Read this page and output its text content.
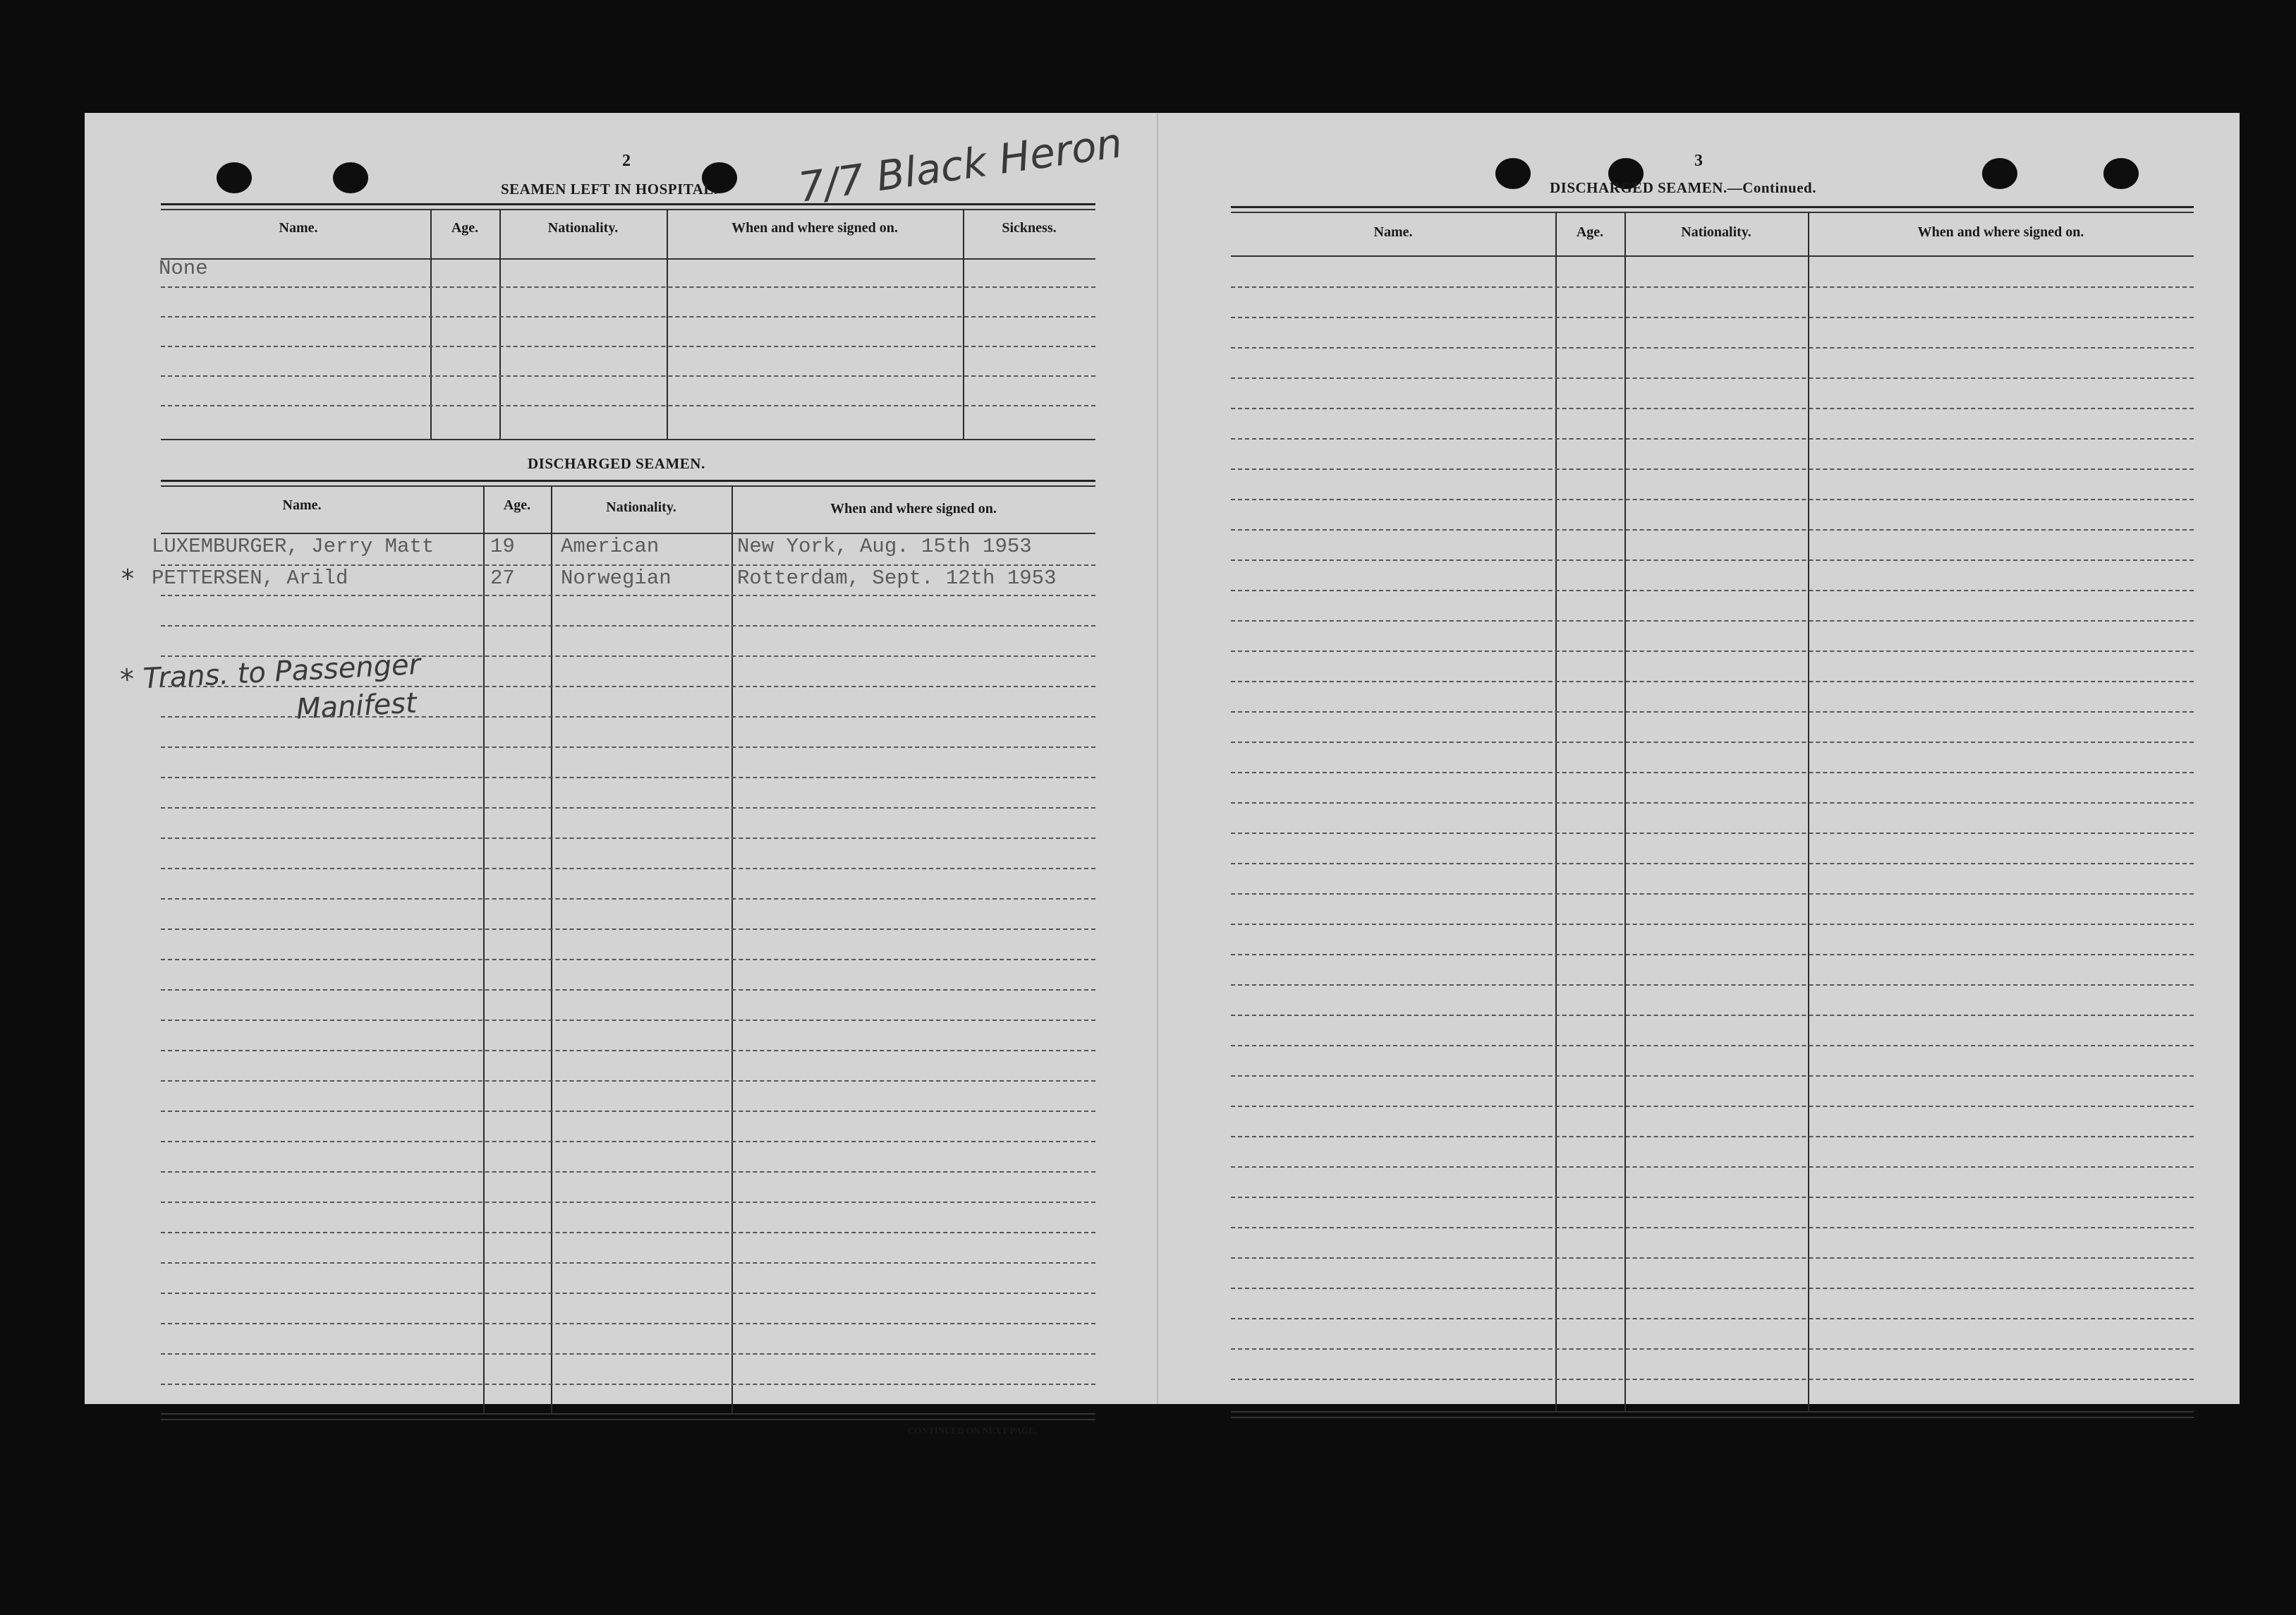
2
SEAMEN LEFT IN HOSPITAL. 7/7 Black Heron
Name.	Age.	Nationality.	When and where signed on.	Sickness.
None
DISCHARGED SEAMEN.
Name.	Age.	Nationality.	When and where signed on.
LUXEMBURGER, Jerry Matt	19 American	New York, Aug. 15th 1953
* PETTERSEN, Arild	27 Norwegian	Rotterdam, Sept. 12th 1953
* Trans. to Passenger
Manifest
CONTINUED ON NEXT PAGE.
3
DISCHARGED SEAMEN.—Continued.
Name.	Age.	Nationality.	When and where signed on.
